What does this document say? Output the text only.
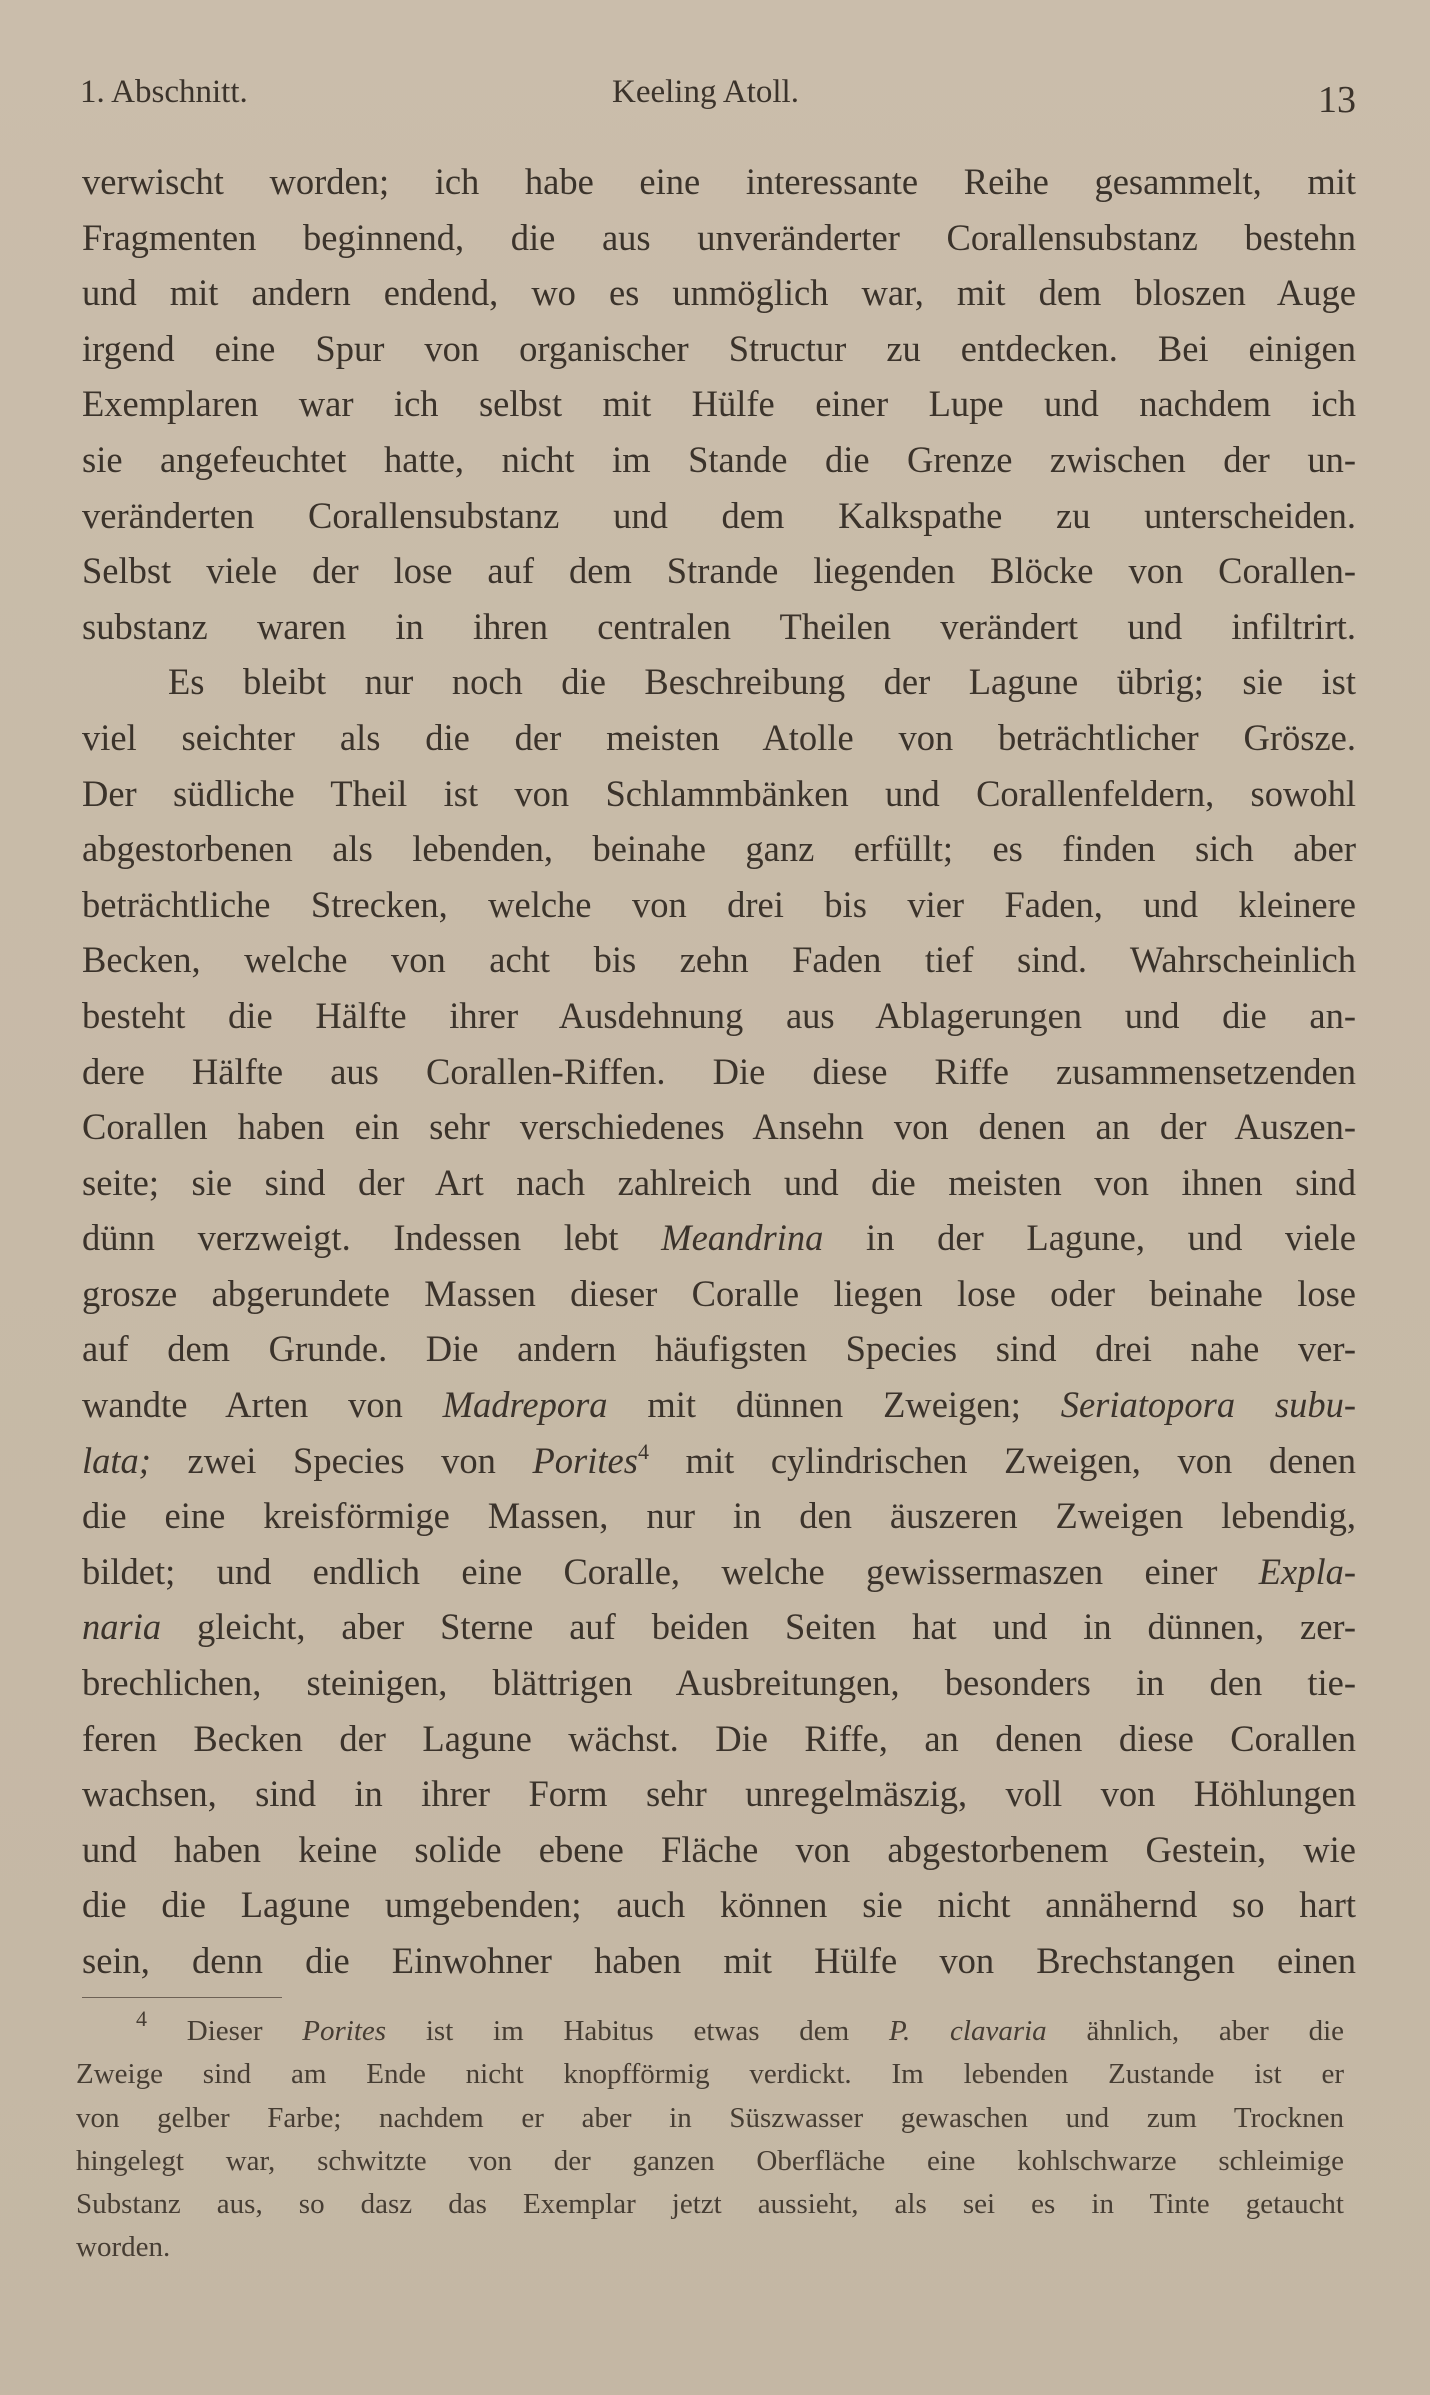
1. Abschnitt.	Keeling Atoll.	13
verwischt worden; ich habe eine interessante Reihe gesammelt, mit
Fragmenten beginnend, die aus unveränderter Corallensubstanz bestehn
und mit andern endend, wo es unmöglich war, mit dem bloszen Auge
irgend eine Spur von organischer Structur zu entdecken. Bei einigen
Exemplaren war ich selbst mit Hülfe einer Lupe und nachdem ich
sie angefeuchtet hatte, nicht im Stande die Grenze zwischen der un-
veränderten Corallensubstanz und dem Kalkspathe zu unterscheiden.
Selbst viele der lose auf dem Strande liegenden Blöcke von Corallen-
substanz waren in ihren centralen Theilen verändert und infiltrirt.
Es bleibt nur noch die Beschreibung der Lagune übrig; sie ist
viel seichter als die der meisten Atolle von beträchtlicher Grösze.
Der südliche Theil ist von Schlammbänken und Corallenfeldern, sowohl
abgestorbenen als lebenden, beinahe ganz erfüllt; es finden sich aber
beträchtliche Strecken, welche von drei bis vier Faden, und kleinere
Becken, welche von acht bis zehn Faden tief sind. Wahrscheinlich
besteht die Hälfte ihrer Ausdehnung aus Ablagerungen und die an-
dere Hälfte aus Corallen-Riffen. Die diese Riffe zusammensetzenden
Corallen haben ein sehr verschiedenes Ansehn von denen an der Auszen-
seite; sie sind der Art nach zahlreich und die meisten von ihnen sind
dünn verzweigt. Indessen lebt Meandrina in der Lagune, und viele
grosze abgerundete Massen dieser Coralle liegen lose oder beinahe lose
auf dem Grunde. Die andern häufigsten Species sind drei nahe ver-
wandte Arten von Madrepora mit dünnen Zweigen; Seriatopora subu-
lata; zwei Species von Porites$^4$ mit cylindrischen Zweigen, von denen
die eine kreisförmige Massen, nur in den äuszeren Zweigen lebendig,
bildet; und endlich eine Coralle, welche gewissermaszen einer Expla-
naria gleicht, aber Sterne auf beiden Seiten hat und in dünnen, zer-
brechlichen, steinigen, blättrigen Ausbreitungen, besonders in den tie-
feren Becken der Lagune wächst. Die Riffe, an denen diese Corallen
wachsen, sind in ihrer Form sehr unregelmäszig, voll von Höhlungen
und haben keine solide ebene Fläche von abgestorbenem Gestein, wie
die die Lagune umgebenden; auch können sie nicht annähernd so hart
sein, denn die Einwohner haben mit Hülfe von Brechstangen einen
$^4$ Dieser Porites ist im Habitus etwas dem P. clavaria ähnlich, aber die
Zweige sind am Ende nicht knopfförmig verdickt. Im lebenden Zustande ist er
von gelber Farbe; nachdem er aber in Süszwasser gewaschen und zum Trocknen
hingelegt war, schwitzte von der ganzen Oberfläche eine kohlschwarze schleimige
Substanz aus, so dasz das Exemplar jetzt aussieht, als sei es in Tinte getaucht
worden.
